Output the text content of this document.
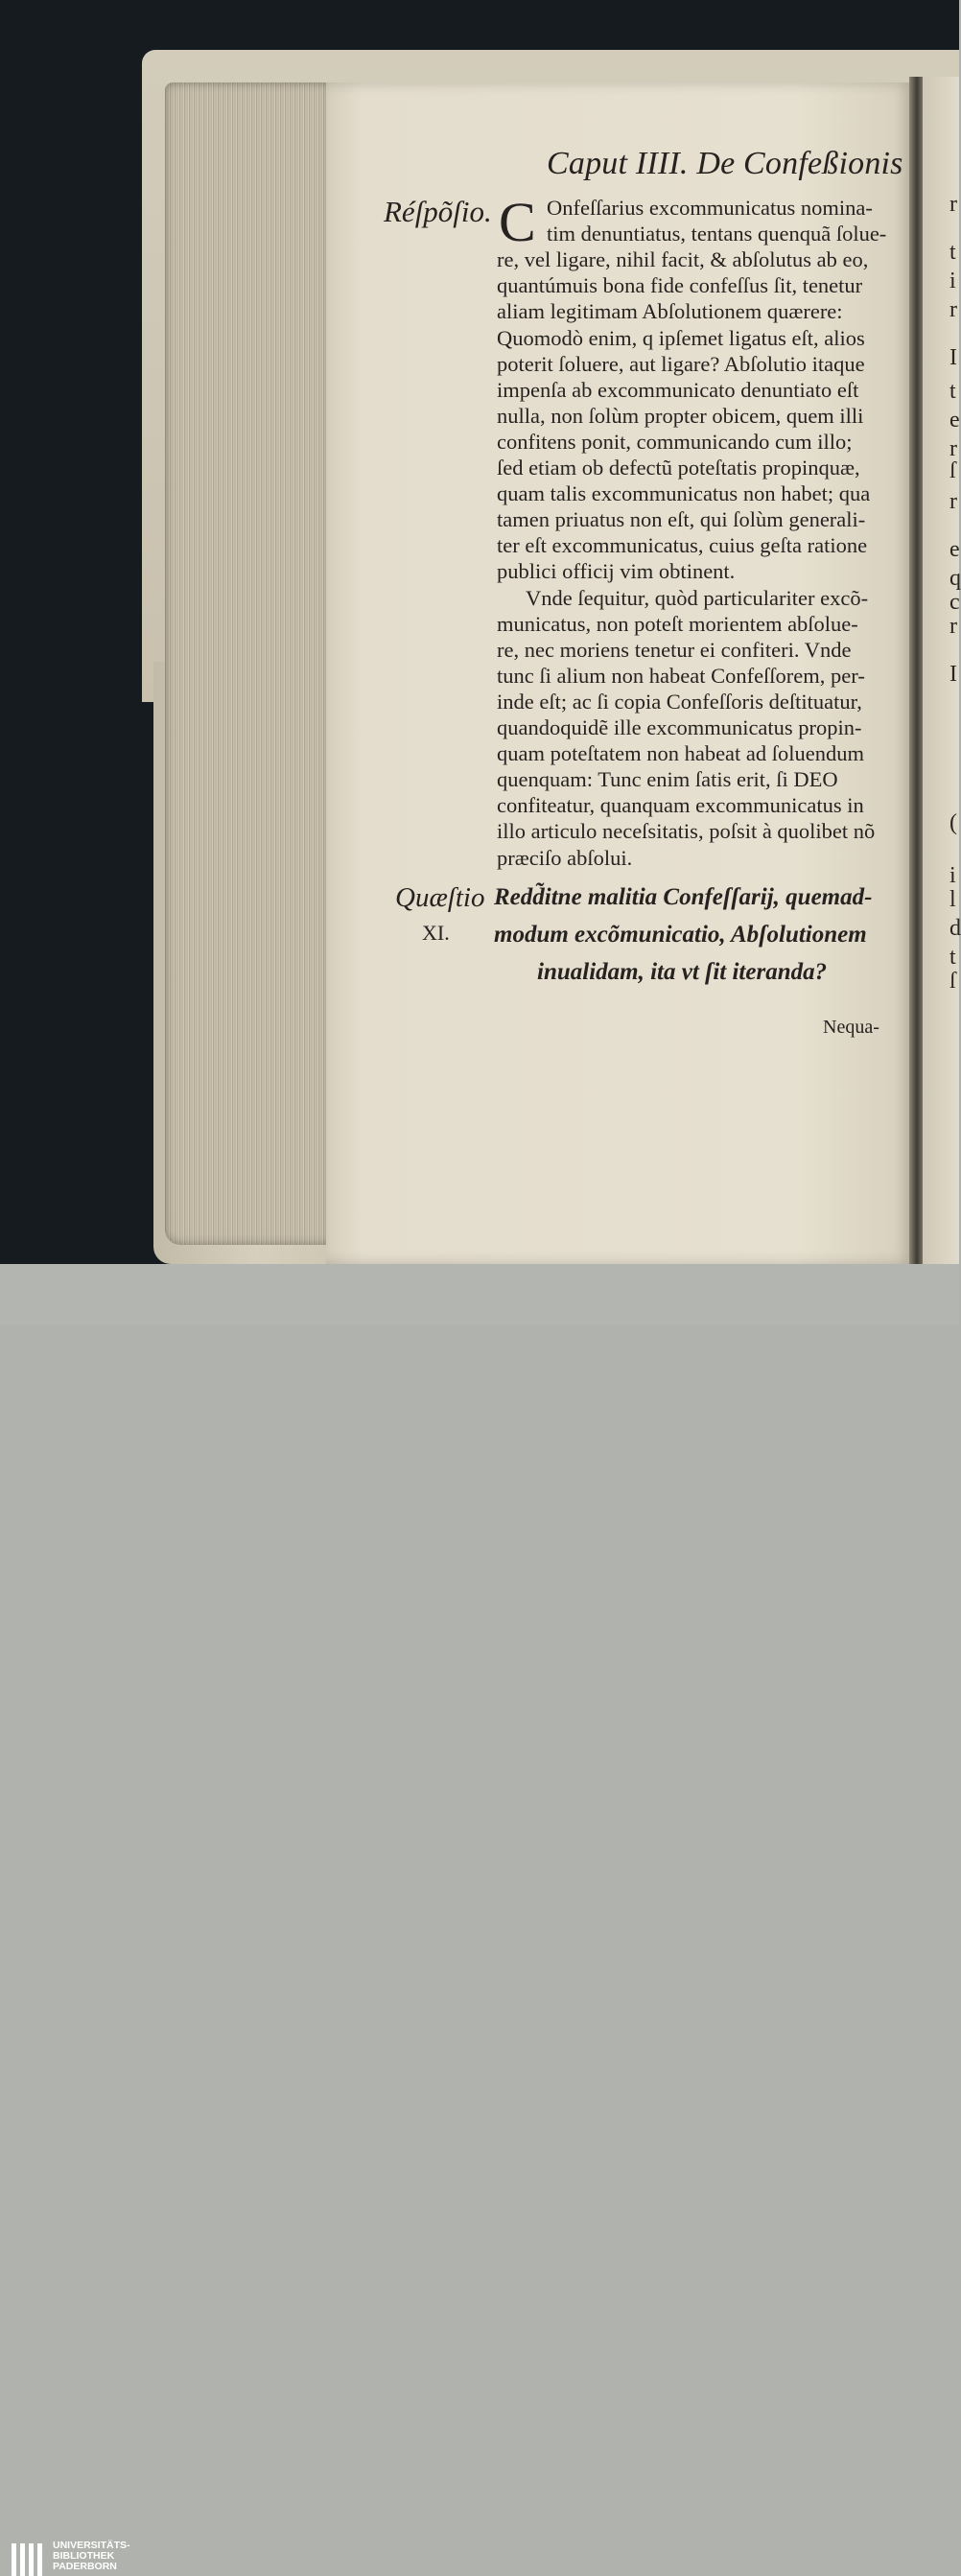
r
t
i
r
I
t
e
r
ſ
r
e
q
c
r
I
(
i
l
d
t
ſ
Caput IIII. De Confeßionis
Réſpõſio. C Onfeſſarius excommunicatus nomina-
tim denuntiatus, tentans quenquã ſolue-
re, vel ligare, nihil facit, & abſolutus ab eo,
quantúmuis bona fide confeſſus ſit, tenetur
aliam legitimam Abſolutionem quærere:
Quomodò enim, q ipſemet ligatus eſt, alios
poterit ſoluere, aut ligare? Abſolutio itaque
impenſa ab excommunicato denuntiato eſt
nulla, non ſolùm propter obicem, quem illi
confitens ponit, communicando cum illo;
ſed etiam ob defectũ poteſtatis propinquæ,
quam talis excommunicatus non habet; qua
tamen priuatus non eſt, qui ſolùm generali-
ter eſt excommunicatus, cuius geſta ratione
publici officij vim obtinent.
Vnde ſequitur, quòd particulariter excõ-
municatus, non poteſt morientem abſolue-
re, nec moriens tenetur ei confiteri. Vnde
tunc ſi alium non habeat Confeſſorem, per-
inde eſt; ac ſi copia Confeſſoris deſtituatur,
quandoquidẽ ille excommunicatus propin-
quam poteſtatem non habeat ad ſoluendum
quenquam: Tunc enim ſatis erit, ſi DEO
confiteatur, quanquam excommunicatus in
illo articulo neceſsitatis, poſsit à quolibet nõ
præciſo abſolui.
Quæſtio
XI.
Redd̃itne malitia Confeſſarij, quemad-
modum excõmunicatio, Abſolutionem
inualidam, ita vt ſit iteranda?
Nequa-
UNIVERSITÄTS-
BIBLIOTHEK
PADERBORN
